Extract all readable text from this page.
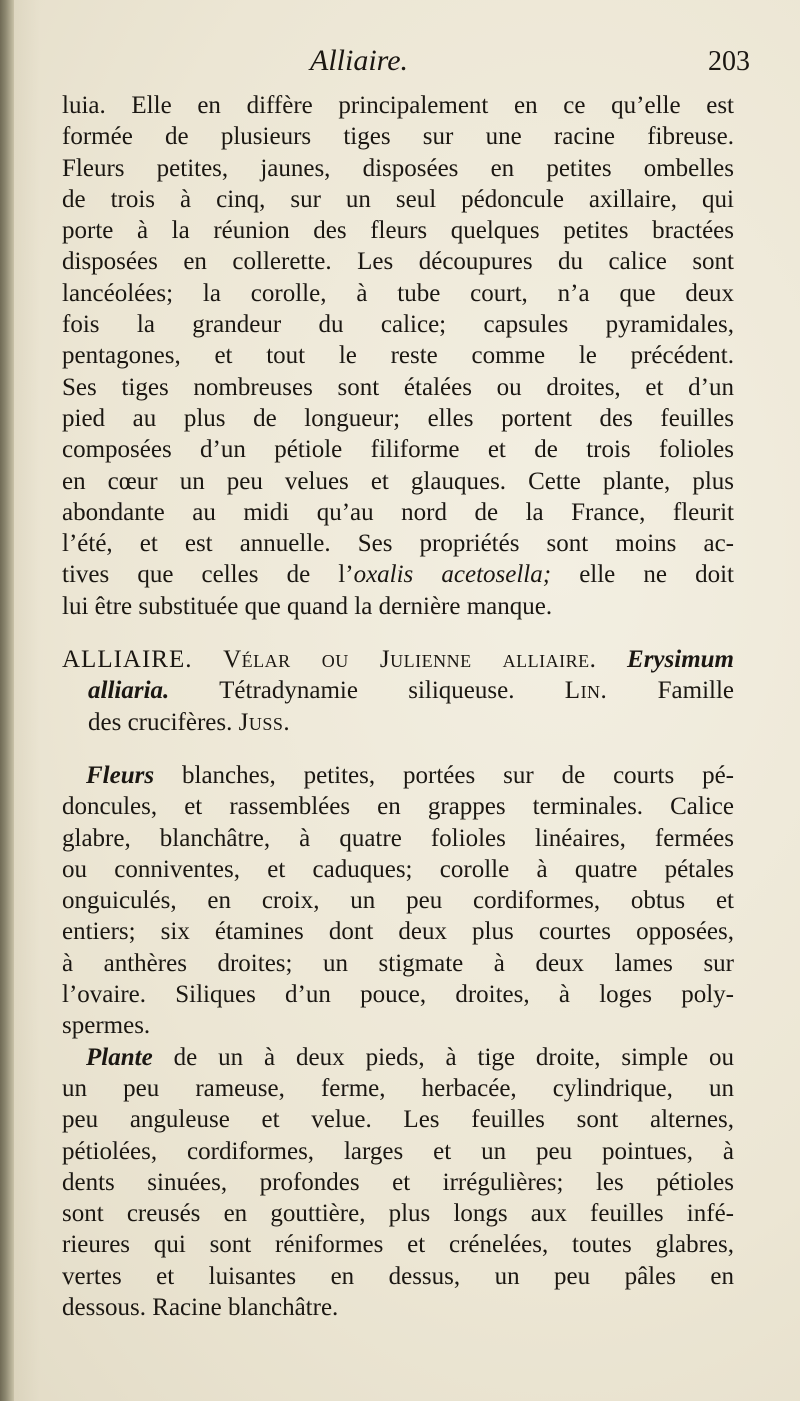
Alliaire.	203
luia. Elle en diffère principalement en ce qu’elle est
formée de plusieurs tiges sur une racine fibreuse.
Fleurs petites, jaunes, disposées en petites ombelles
de trois à cinq, sur un seul pédoncule axillaire, qui
porte à la réunion des fleurs quelques petites bractées
disposées en collerette. Les découpures du calice sont
lancéolées; la corolle, à tube court, n’a que deux
fois la grandeur du calice; capsules pyramidales,
pentagones, et tout le reste comme le précédent.
Ses tiges nombreuses sont étalées ou droites, et d’un
pied au plus de longueur; elles portent des feuilles
composées d’un pétiole filiforme et de trois folioles
en cœur un peu velues et glauques. Cette plante, plus
abondante au midi qu’au nord de la France, fleurit
l’été, et est annuelle. Ses propriétés sont moins ac-
tives que celles de l’oxalis acetosella; elle ne doit
lui être substituée que quand la dernière manque.
ALLIAIRE. Vélar ou Julienne alliaire. Erysimum
alliaria. Tétradynamie siliqueuse. Lin. Famille
des crucifères. Juss.
Fleurs blanches, petites, portées sur de courts pé-
doncules, et rassemblées en grappes terminales. Calice
glabre, blanchâtre, à quatre folioles linéaires, fermées
ou conniventes, et caduques; corolle à quatre pétales
onguiculés, en croix, un peu cordiformes, obtus et
entiers; six étamines dont deux plus courtes opposées,
à anthères droites; un stigmate à deux lames sur
l’ovaire. Siliques d’un pouce, droites, à loges poly-
spermes.
Plante de un à deux pieds, à tige droite, simple ou
un peu rameuse, ferme, herbacée, cylindrique, un
peu anguleuse et velue. Les feuilles sont alternes,
pétiolées, cordiformes, larges et un peu pointues, à
dents sinuées, profondes et irrégulières; les pétioles
sont creusés en gouttière, plus longs aux feuilles infé-
rieures qui sont réniformes et crénelées, toutes glabres,
vertes et luisantes en dessus, un peu pâles en
dessous. Racine blanchâtre.
